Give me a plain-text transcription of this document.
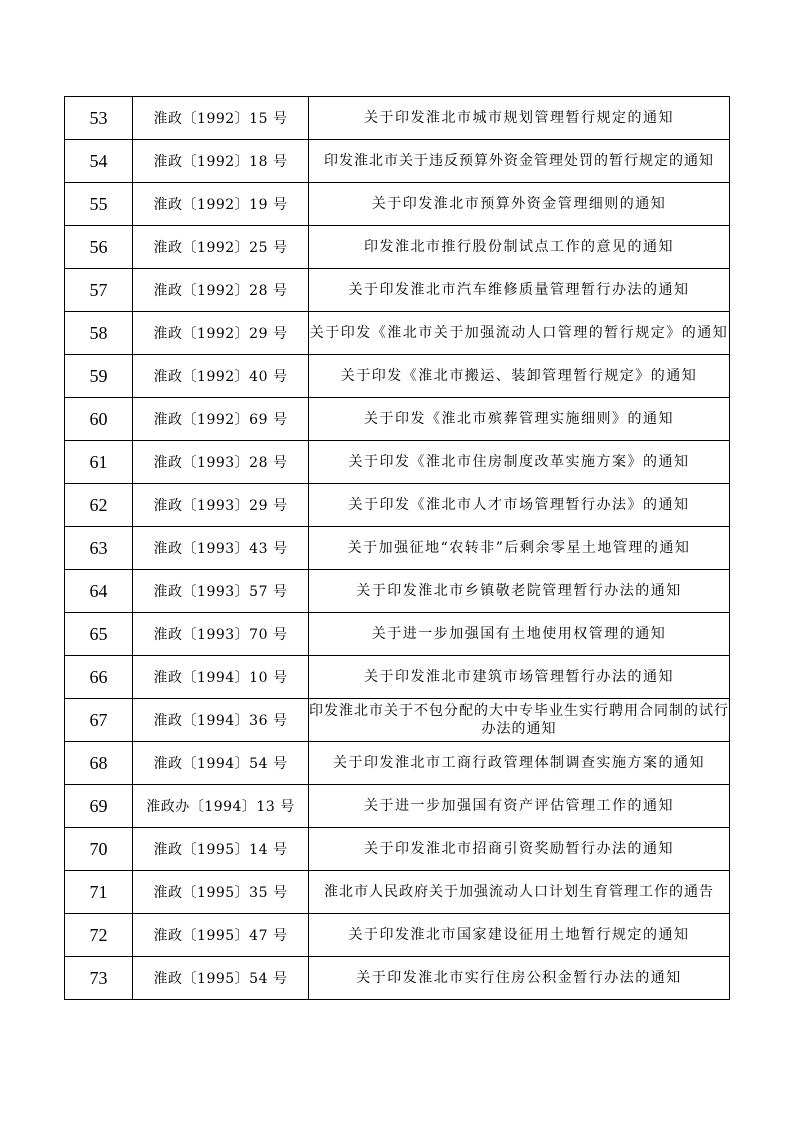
53	淮政〔1992〕15 号	关于印发淮北市城市规划管理暂行规定的通知
54	淮政〔1992〕18 号	印发淮北市关于违反预算外资金管理处罚的暂行规定的通知
55	淮政〔1992〕19 号	关于印发淮北市预算外资金管理细则的通知
56	淮政〔1992〕25 号	印发淮北市推行股份制试点工作的意见的通知
57	淮政〔1992〕28 号	关于印发淮北市汽车维修质量管理暂行办法的通知
58	淮政〔1992〕29 号	关于印发《淮北市关于加强流动人口管理的暂行规定》的通知
59	淮政〔1992〕40 号	关于印发《淮北市搬运、装卸管理暂行规定》的通知
60	淮政〔1992〕69 号	关于印发《淮北市殡葬管理实施细则》的通知
61	淮政〔1993〕28 号	关于印发《淮北市住房制度改革实施方案》的通知
62	淮政〔1993〕29 号	关于印发《淮北市人才市场管理暂行办法》的通知
63	淮政〔1993〕43 号	关于加强征地“农转非”后剩余零星土地管理的通知
64	淮政〔1993〕57 号	关于印发淮北市乡镇敬老院管理暂行办法的通知
65	淮政〔1993〕70 号	关于进一步加强国有土地使用权管理的通知
66	淮政〔1994〕10 号	关于印发淮北市建筑市场管理暂行办法的通知
67	淮政〔1994〕36 号	印发淮北市关于不包分配的大中专毕业生实行聘用合同制的试行办法的通知
68	淮政〔1994〕54 号	关于印发淮北市工商行政管理体制调查实施方案的通知
69	淮政办〔1994〕13 号	关于进一步加强国有资产评估管理工作的通知
70	淮政〔1995〕14 号	关于印发淮北市招商引资奖励暂行办法的通知
71	淮政〔1995〕35 号	淮北市人民政府关于加强流动人口计划生育管理工作的通告
72	淮政〔1995〕47 号	关于印发淮北市国家建设征用土地暂行规定的通知
73	淮政〔1995〕54 号	关于印发淮北市实行住房公积金暂行办法的通知
